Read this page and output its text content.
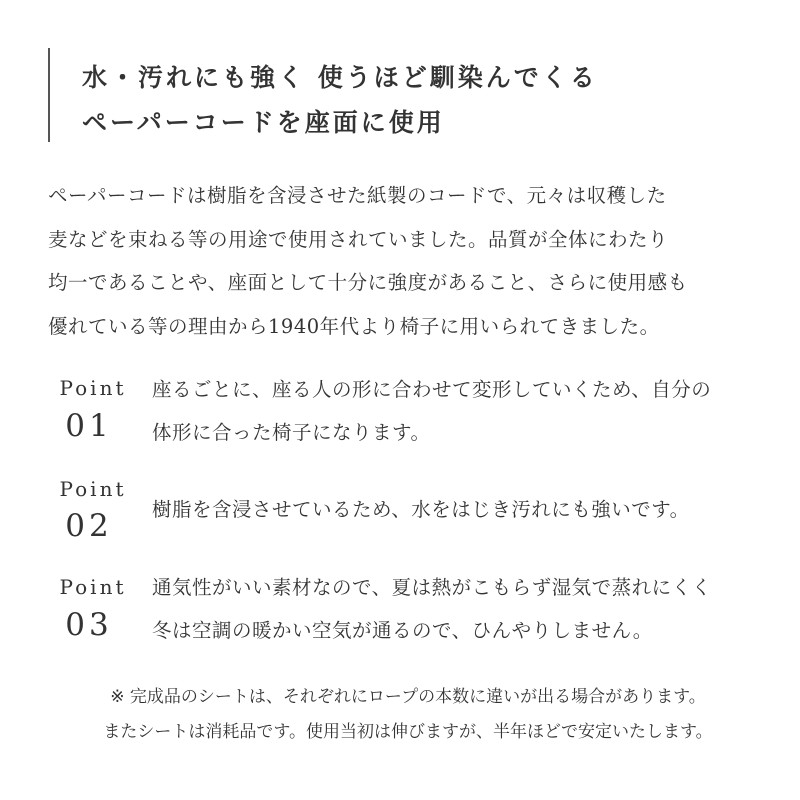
水・汚れにも強く 使うほど馴染んでくる
ペーパーコードを座面に使用
ペーパーコードは樹脂を含浸させた紙製のコードで、元々は収穫した
麦などを束ねる等の用途で使用されていました。品質が全体にわたり
均一であることや、座面として十分に強度があること、さらに使用感も
優れている等の理由から1940年代より椅子に用いられてきました。
Point
01
座るごとに、座る人の形に合わせて変形していくため、自分の
体形に合った椅子になります。
Point
02	樹脂を含浸させているため、水をはじき汚れにも強いです。
Point
03
通気性がいい素材なので、夏は熱がこもらず湿気で蒸れにくく
冬は空調の暖かい空気が通るので、ひんやりしません。
※ 完成品のシートは、それぞれにロープの本数に違いが出る場合があります。
またシートは消耗品です。使用当初は伸びますが、半年ほどで安定いたします。
